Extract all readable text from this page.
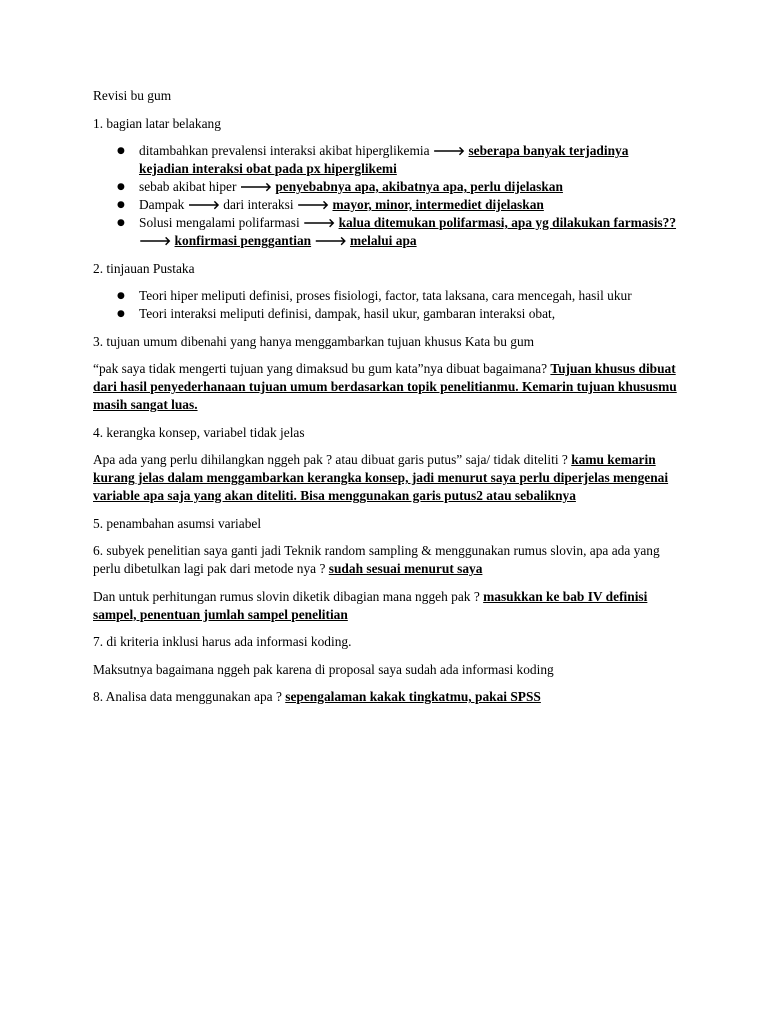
Revisi bu gum

1. bagian latar belakang

● ditambahkan prevalensi interaksi akibat hiperglikemia 🡒 seberapa banyak terjadinya kejadian interaksi obat pada px hiperglikemi
● sebab akibat hiper 🡒 penyebabnya apa, akibatnya apa, perlu dijelaskan
● Dampak 🡒 dari interaksi 🡒 mayor, minor, intermediet dijelaskan
● Solusi mengalami polifarmasi 🡒 kalua ditemukan polifarmasi, apa yg dilakukan farmasis?? 🡒 konfirmasi penggantian 🡒 melalui apa

2. tinjauan Pustaka

● Teori hiper meliputi definisi, proses fisiologi, factor, tata laksana, cara mencegah, hasil ukur
● Teori interaksi meliputi definisi, dampak, hasil ukur, gambaran interaksi obat,

3. tujuan umum dibenahi yang hanya menggambarkan tujuan khusus Kata bu gum

“pak saya tidak mengerti tujuan yang dimaksud bu gum kata”nya dibuat bagaimana? Tujuan khusus dibuat dari hasil penyederhanaan tujuan umum berdasarkan topik penelitianmu. Kemarin tujuan khususmu masih sangat luas.

4. kerangka konsep, variabel tidak jelas

Apa ada yang perlu dihilangkan nggeh pak ? atau dibuat garis putus” saja/ tidak diteliti ? kamu kemarin kurang jelas dalam menggambarkan kerangka konsep, jadi menurut saya perlu diperjelas mengenai variable apa saja yang akan diteliti. Bisa menggunakan garis putus2 atau sebaliknya

5. penambahan asumsi variabel

6. subyek penelitian saya ganti jadi Teknik random sampling & menggunakan rumus slovin, apa ada yang perlu dibetulkan lagi pak dari metode nya ? sudah sesuai menurut saya

Dan untuk perhitungan rumus slovin diketik dibagian mana nggeh pak ? masukkan ke bab IV definisi sampel, penentuan jumlah sampel penelitian

7. di kriteria inklusi harus ada informasi koding.

Maksutnya bagaimana nggeh pak karena di proposal saya sudah ada informasi koding

8. Analisa data menggunakan apa ? sepengalaman kakak tingkatmu, pakai SPSS
